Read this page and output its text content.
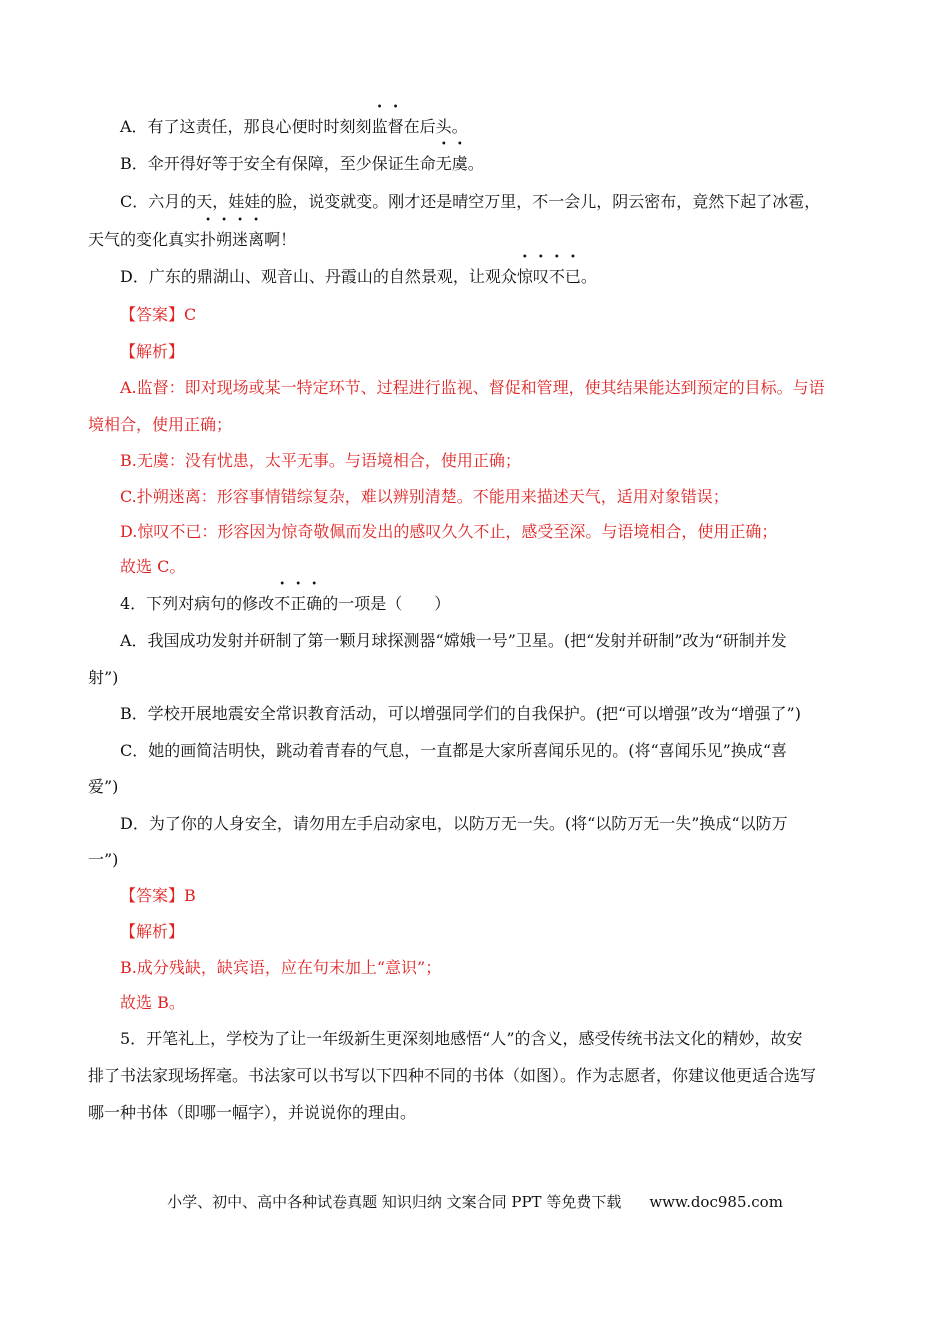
A．有了这责任，那良心便时时刻刻监督在后头。
B．伞开得好等于安全有保障，至少保证生命无虞。
C．六月的天，娃娃的脸，说变就变。刚才还是晴空万里，不一会儿，阴云密布，竟然下起了冰雹，
天气的变化真实扑朔迷离啊！
D．广东的鼎湖山、观音山、丹霞山的自然景观，让观众惊叹不已。
【答案】C
【解析】
A.监督：即对现场或某一特定环节、过程进行监视、督促和管理，使其结果能达到预定的目标。与语
境相合，使用正确；
B.无虞：没有忧患，太平无事。与语境相合，使用正确；
C.扑朔迷离：形容事情错综复杂，难以辨别清楚。不能用来描述天气，适用对象错误；
D.惊叹不已：形容因为惊奇敬佩而发出的感叹久久不止，感受至深。与语境相合，使用正确；
故选 C。
4．下列对病句的修改不正确的一项是（　　）
A．我国成功发射并研制了第一颗月球探测器“嫦娥一号”卫星。(把“发射并研制”改为“研制并发
射”)
B．学校开展地震安全常识教育活动，可以增强同学们的自我保护。(把“可以增强”改为“增强了”)
C．她的画简洁明快，跳动着青春的气息，一直都是大家所喜闻乐见的。(将“喜闻乐见”换成“喜
爱”)
D．为了你的人身安全，请勿用左手启动家电，以防万无一失。(将“以防万无一失”换成“以防万
一”)
【答案】B
【解析】
B.成分残缺，缺宾语，应在句末加上“意识”；
故选 B。
5．开笔礼上，学校为了让一年级新生更深刻地感悟“人”的含义，感受传统书法文化的精妙，故安
排了书法家现场挥毫。书法家可以书写以下四种不同的书体（如图）。作为志愿者，你建议他更适合选写
哪一种书体（即哪一幅字），并说说你的理由。
小学、初中、高中各种试卷真题 知识归纳 文案合同 PPT 等免费下载 www.doc985.com
